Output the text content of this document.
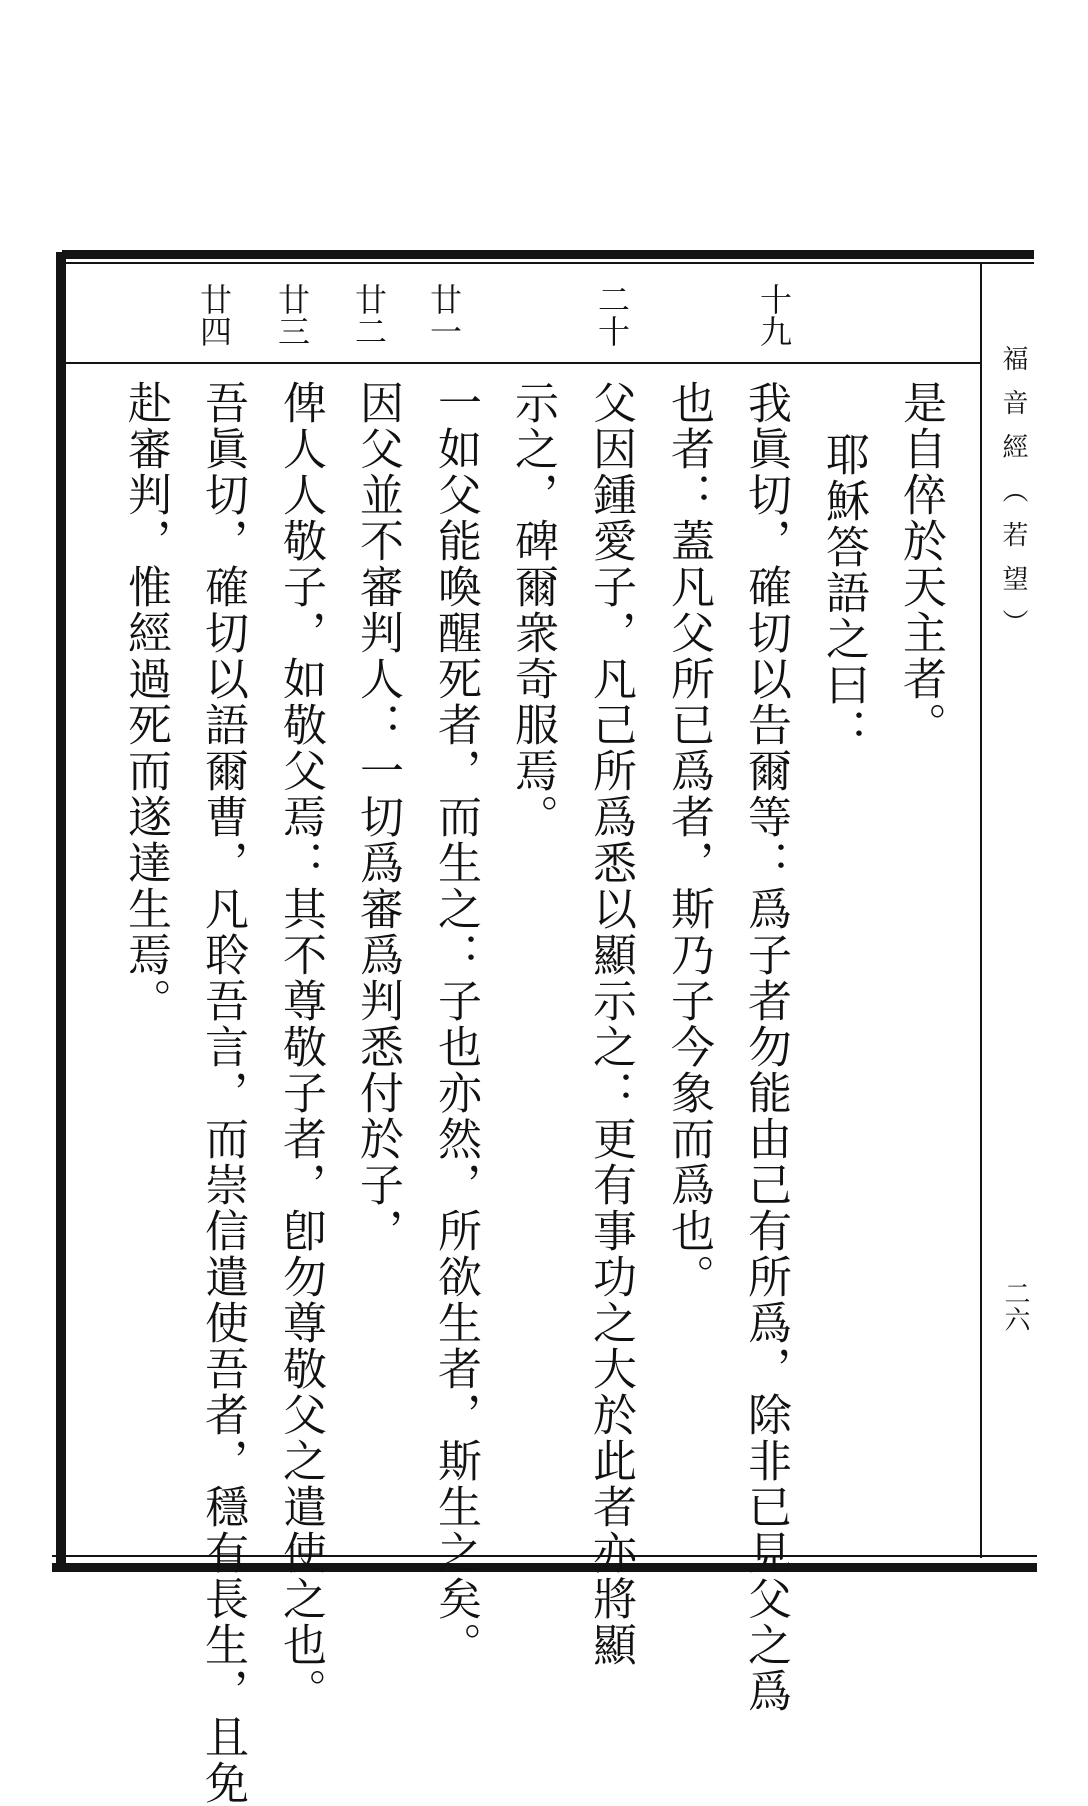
福音經（若望）
二六
十九
二十
廿一
廿二
廿三
廿四
是自倅於天主者。
耶穌答語之曰：
我眞切，確切以告爾等：爲子者勿能由己有所爲，除非已見父之爲
也者：蓋凡父所已爲者，斯乃子今象而爲也。
父因鍾愛子，凡己所爲悉以顯示之：更有事功之大於此者亦將顯
示之，碑爾衆奇服焉。
一如父能喚醒死者，而生之：子也亦然，所欲生者，斯生之矣。
因父並不審判人：一切爲審爲判悉付於子，
俾人人敬子，如敬父焉：其不尊敬子者，卽勿尊敬父之遣使之也。
吾眞切，確切以語爾曹，凡聆吾言，而崇信遣使吾者，穩有長生，且免
赴審判，惟經過死而遂達生焉。
